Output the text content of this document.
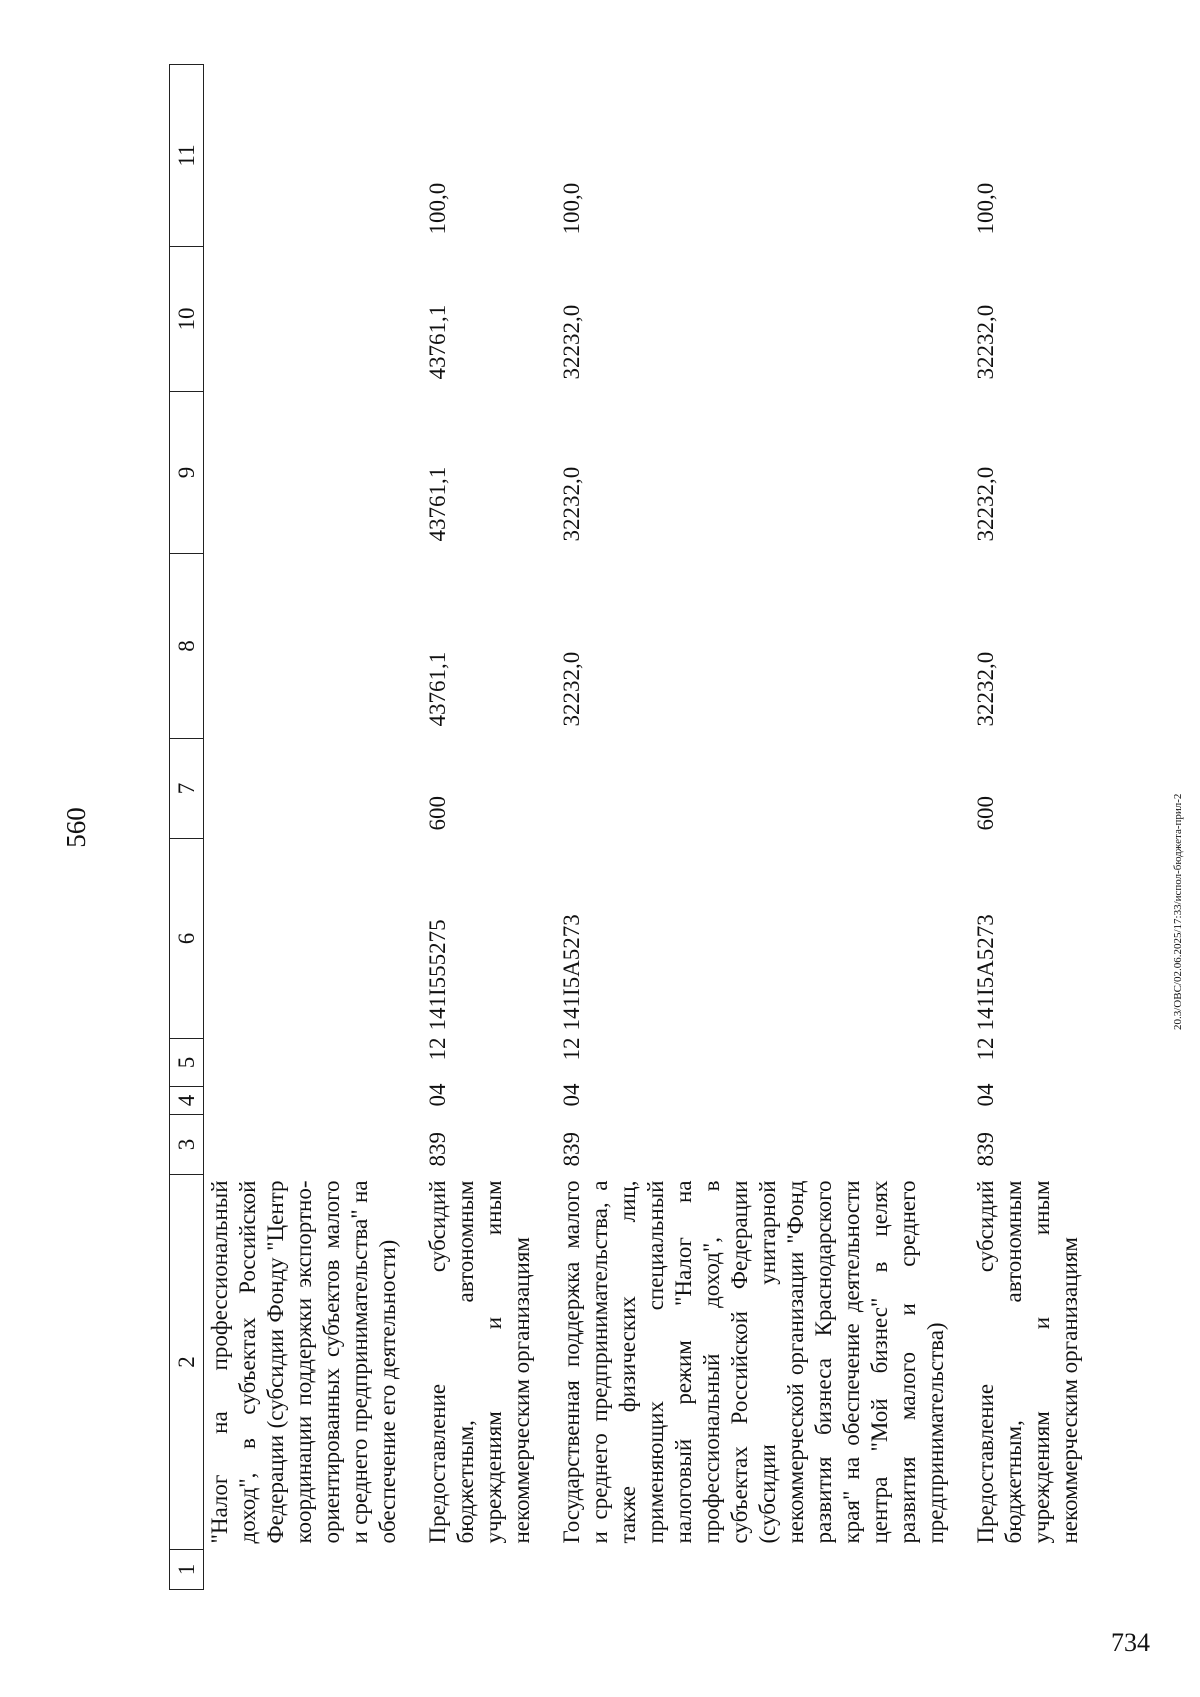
560
1	2	3	4	5	6	7	8	9	10	11
	"Налог на профессиональный доход", в субъектах Российской Федерации (субсидии Фонду "Центр координации поддержки экспортно-ориентированных субъектов малого и среднего предпринимательства" на обеспечение его деятельности)									

	Предоставление субсидий бюджетным, автономным учреждениям и иным некоммерческим организациям	839	04    12		141I555275	600	43761,1	43761,1	43761,1	100,0

	Государственная поддержка малого и среднего предпринимательства, а также физических лиц, применяющих специальный налоговый режим "Налог на профессиональный доход", в субъектах Российской Федерации (субсидии унитарной некоммерческой организации "Фонд развития бизнеса Краснодарского края" на обеспечение деятельности центра "Мой бизнес" в целях развития малого и среднего предпринимательства)	839	04    12		141I5A5273		32232,0	32232,0	32232,0	100,0

	Предоставление субсидий бюджетным, автономным учреждениям и иным некоммерческим организациям	839	04    12		141I5A5273	600	32232,0	32232,0	32232,0	100,0
20.3/ОВС/02.06.2025/17:33/испол-бюджета-прил-2
734
